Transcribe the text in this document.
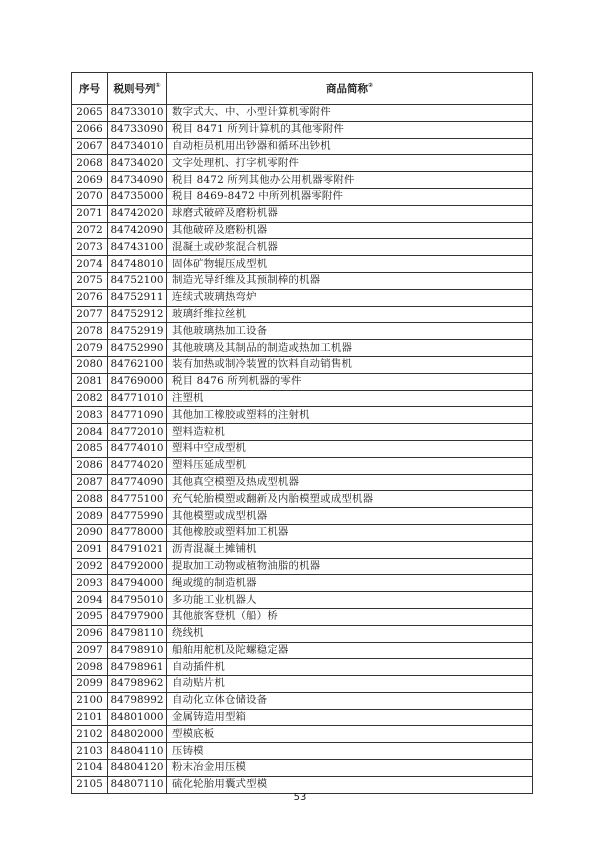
序号	税则号列①	商品简称②
2065	84733010	数字式大、中、小型计算机零附件
2066	84733090	税目 8471 所列计算机的其他零附件
2067	84734010	自动柜员机用出钞器和循环出钞机
2068	84734020	文字处理机、打字机零附件
2069	84734090	税目 8472 所列其他办公用机器零附件
2070	84735000	税目 8469-8472 中所列机器零附件
2071	84742020	球磨式破碎及磨粉机器
2072	84742090	其他破碎及磨粉机器
2073	84743100	混凝土或砂浆混合机器
2074	84748010	固体矿物辊压成型机
2075	84752100	制造光导纤维及其预制棒的机器
2076	84752911	连续式玻璃热弯炉
2077	84752912	玻璃纤维拉丝机
2078	84752919	其他玻璃热加工设备
2079	84752990	其他玻璃及其制品的制造或热加工机器
2080	84762100	装有加热或制冷装置的饮料自动销售机
2081	84769000	税目 8476 所列机器的零件
2082	84771010	注塑机
2083	84771090	其他加工橡胶或塑料的注射机
2084	84772010	塑料造粒机
2085	84774010	塑料中空成型机
2086	84774020	塑料压延成型机
2087	84774090	其他真空模塑及热成型机器
2088	84775100	充气轮胎模塑或翻新及内胎模塑或成型机器
2089	84775990	其他模塑或成型机器
2090	84778000	其他橡胶或塑料加工机器
2091	84791021	沥青混凝土摊铺机
2092	84792000	提取加工动物或植物油脂的机器
2093	84794000	绳或缆的制造机器
2094	84795010	多功能工业机器人
2095	84797900	其他旅客登机（船）桥
2096	84798110	绕线机
2097	84798910	船舶用舵机及陀螺稳定器
2098	84798961	自动插件机
2099	84798962	自动贴片机
2100	84798992	自动化立体仓储设备
2101	84801000	金属铸造用型箱
2102	84802000	型模底板
2103	84804110	压铸模
2104	84804120	粉末冶金用压模
2105	84807110	硫化轮胎用囊式型模
53
